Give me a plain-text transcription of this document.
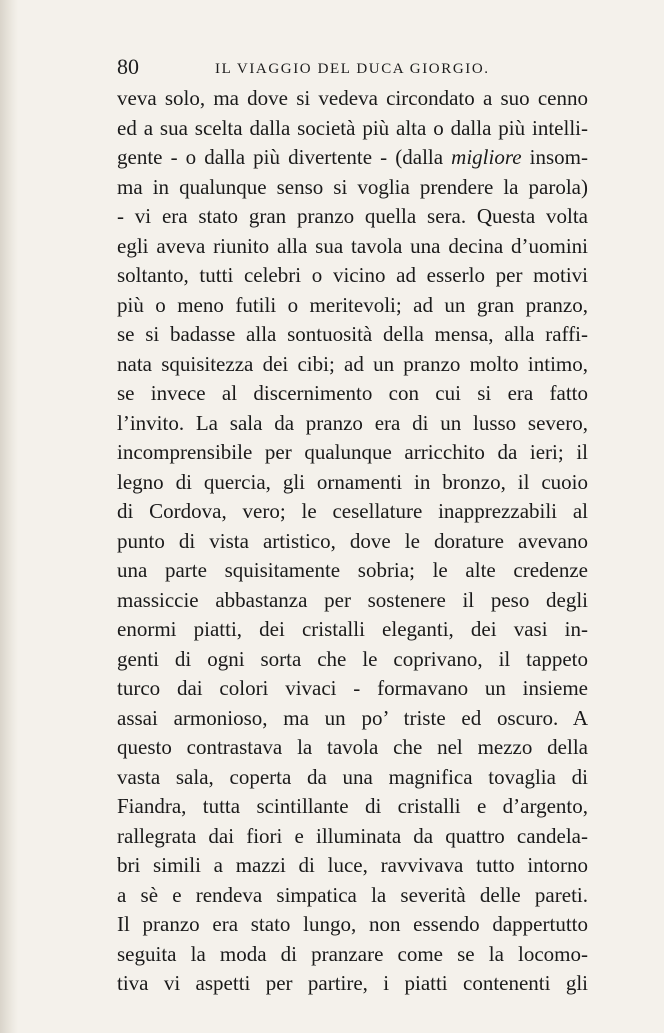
80	IL VIAGGIO DEL DUCA GIORGIO.
veva solo, ma dove si vedeva circondato a suo cenno
ed a sua scelta dalla società più alta o dalla più intelli-
gente - o dalla più divertente - (dalla migliore insom-
ma in qualunque senso si voglia prendere la parola)
- vi era stato gran pranzo quella sera. Questa volta
egli aveva riunito alla sua tavola una decina d’uomini
soltanto, tutti celebri o vicino ad esserlo per motivi
più o meno futili o meritevoli; ad un gran pranzo,
se si badasse alla sontuosità della mensa, alla raffi-
nata squisitezza dei cibi; ad un pranzo molto intimo,
se invece al discernimento con cui si era fatto
l’invito. La sala da pranzo era di un lusso severo,
incomprensibile per qualunque arricchito da ieri; il
legno di quercia, gli ornamenti in bronzo, il cuoio
di Cordova, vero; le cesellature inapprezzabili al
punto di vista artistico, dove le dorature avevano
una parte squisitamente sobria; le alte credenze
massiccie abbastanza per sostenere il peso degli
enormi piatti, dei cristalli eleganti, dei vasi in-
genti di ogni sorta che le coprivano, il tappeto
turco dai colori vivaci - formavano un insieme
assai armonioso, ma un po’ triste ed oscuro. A
questo contrastava la tavola che nel mezzo della
vasta sala, coperta da una magnifica tovaglia di
Fiandra, tutta scintillante di cristalli e d’argento,
rallegrata dai fiori e illuminata da quattro candela-
bri simili a mazzi di luce, ravvivava tutto intorno
a sè e rendeva simpatica la severità delle pareti.
Il pranzo era stato lungo, non essendo dappertutto
seguita la moda di pranzare come se la locomo-
tiva vi aspetti per partire, i piatti contenenti gli
